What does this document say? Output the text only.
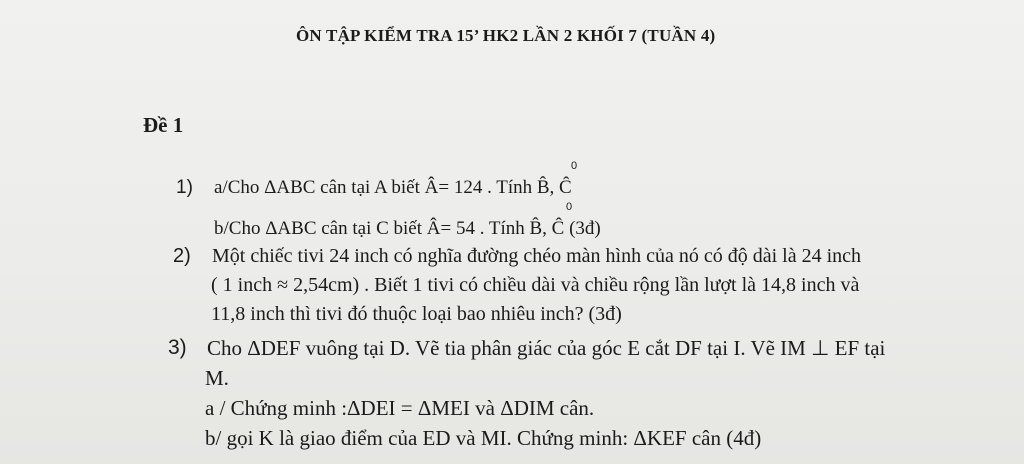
ÔN TẬP KIỂM TRA 15’ HK2 LẦN 2 KHỐI 7 (TUẦN 4)
Đề 1
1) a/Cho ΔABC cân tại A biết Â= 124 . Tính B̂, Ĉ
0
b/Cho ΔABC cân tại C biết Â= 54 . Tính B̂, Ĉ (3đ)
0
2) Một chiếc tivi 24 inch có nghĩa đường chéo màn hình của nó có độ dài là 24 inch
( 1 inch ≈ 2,54cm) . Biết 1 tivi có chiều dài và chiều rộng lần lượt là 14,8 inch và
11,8 inch thì tivi đó thuộc loại bao nhiêu inch? (3đ)
3) Cho ΔDEF vuông tại D. Vẽ tia phân giác của góc E cắt DF tại I. Vẽ IM ⊥ EF tại
M.
a / Chứng minh :ΔDEI = ΔMEI và ΔDIM cân.
b/ gọi K là giao điểm của ED và MI. Chứng minh: ΔKEF cân (4đ)
